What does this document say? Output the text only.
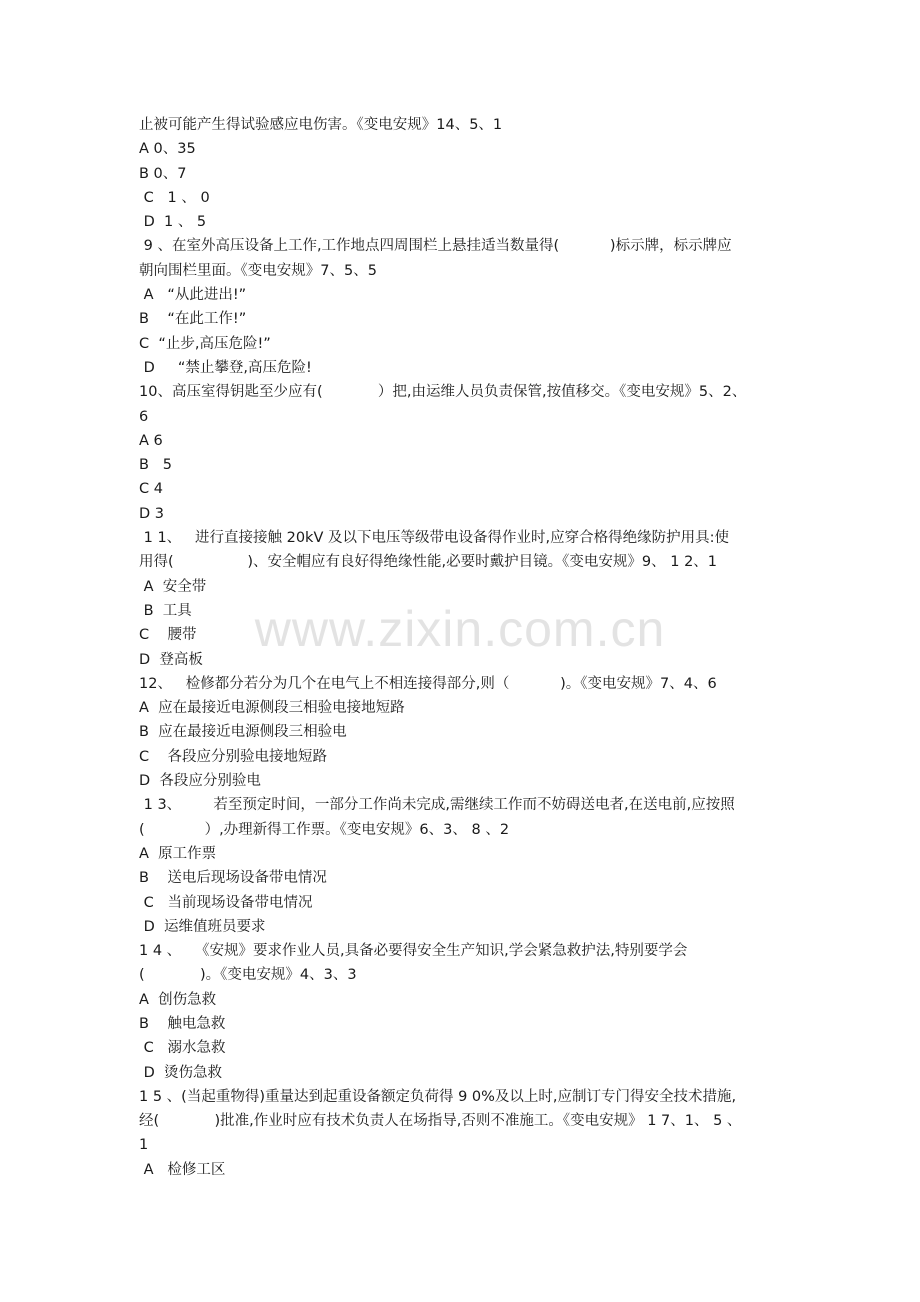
www.zixin.com.cn
止被可能产生得试验感应电伤害。《变电安规》14、5、1
A 0、35
B 0、7
C   1 、 0
D  1 、 5
9 、在室外高压设备上工作,工作地点四周围栏上悬挂适当数量得(           )标示牌，标示牌应
朝向围栏里面。《变电安规》7、5、5
A   “从此进出!”
B    “在此工作!”
C  “止步,高压危险!”
D     “禁止攀登,高压危险!
10、高压室得钥匙至少应有(            ）把,由运维人员负责保管,按值移交。《变电安规》5、2、
6
A 6
B   5
C 4
D 3
1 1、   进行直接接触 20kV 及以下电压等级带电设备得作业时,应穿合格得绝缘防护用具:使
用得(                )、安全帽应有良好得绝缘性能,必要时戴护目镜。《变电安规》9、 1 2、1
A  安全带
B  工具
C    腰带
D  登高板
12、   检修都分若分为几个在电气上不相连接得部分,则（           )。《变电安规》7、4、6
A  应在最接近电源侧段三相验电接地短路
B  应在最接近电源侧段三相验电
C    各段应分别验电接地短路
D  各段应分别验电
1 3、       若至预定时间，一部分工作尚未完成,需继续工作而不妨碍送电者,在送电前,应按照
(             ）,办理新得工作票。《变电安规》6、3、 8 、2
A  原工作票
B    送电后现场设备带电情况
C   当前现场设备带电情况
D  运维值班员要求
1 4 、   《安规》要求作业人员,具备必要得安全生产知识,学会紧急救护法,特别要学会
(            )。《变电安规》4、3、3
A  创伤急救
B    触电急救
C   溺水急救
D  烫伤急救
1 5 、(当起重物得)重量达到起重设备额定负荷得 9 0%及以上时,应制订专门得安全技术措施,
经(            )批准,作业时应有技术负责人在场指导,否则不准施工。《变电安规》 1 7、1、 5 、
1
A   检修工区
